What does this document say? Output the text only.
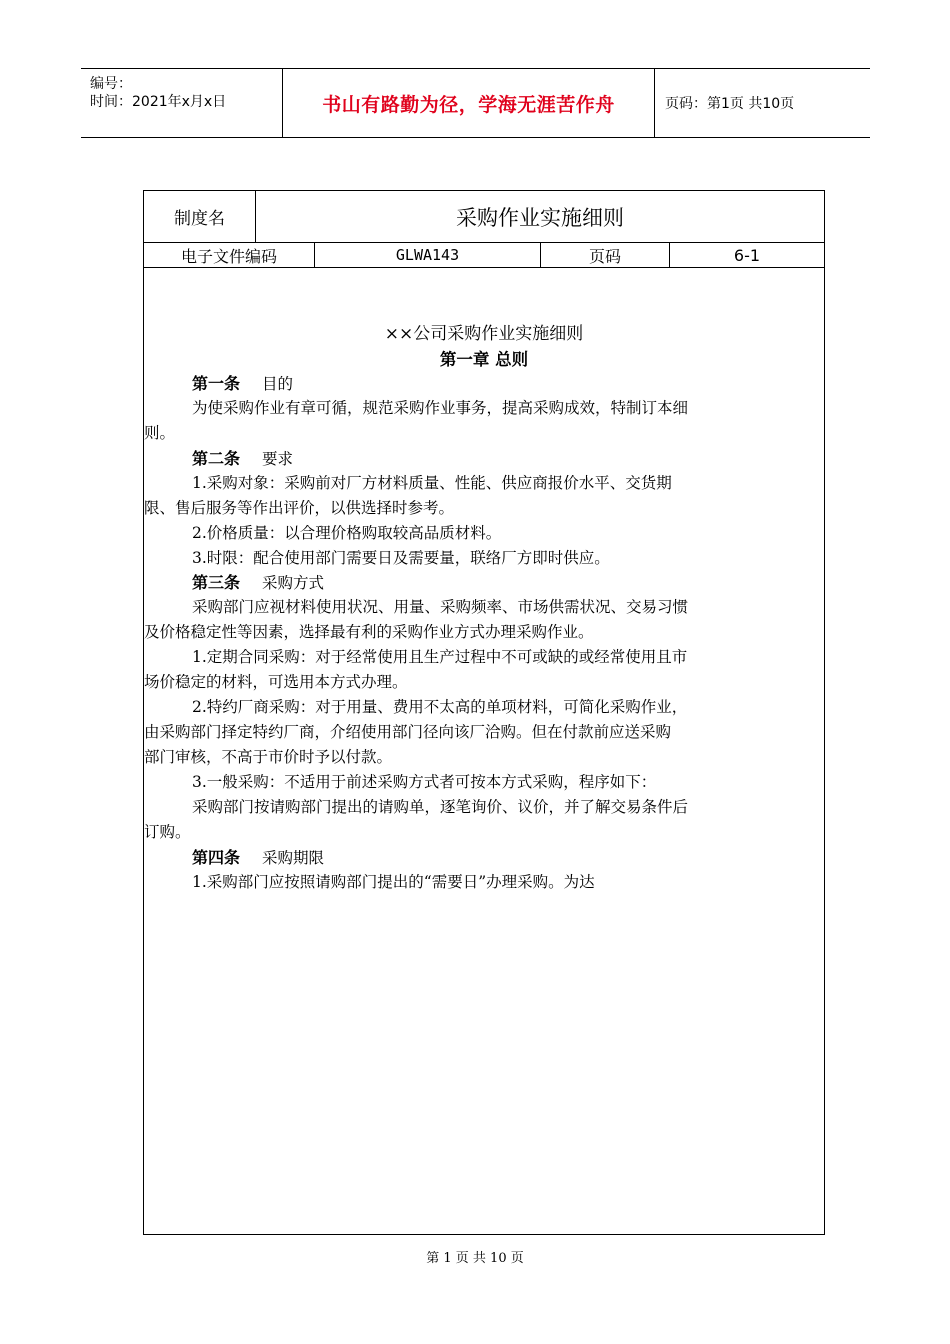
编号：
时间：2021年x月x日	书山有路勤为径，学海无涯苦作舟	页码：第1页 共10页
制度名	采购作业实施细则
电子文件编码	GLWA143	页码	6-1
××公司采购作业实施细则
第一章 总则
第一条 目的
为使采购作业有章可循，规范采购作业事务，提高采购成效，特制订本细
则。
第二条 要求
1.采购对象：采购前对厂方材料质量、性能、供应商报价水平、交货期
限、售后服务等作出评价，以供选择时参考。
2.价格质量：以合理价格购取较高品质材料。
3.时限：配合使用部门需要日及需要量，联络厂方即时供应。
第三条 采购方式
采购部门应视材料使用状况、用量、采购频率、市场供需状况、交易习惯
及价格稳定性等因素，选择最有利的采购作业方式办理采购作业。
1.定期合同采购：对于经常使用且生产过程中不可或缺的或经常使用且市
场价稳定的材料，可选用本方式办理。
2.特约厂商采购：对于用量、费用不太高的单项材料，可简化采购作业，
由采购部门择定特约厂商，介绍使用部门径向该厂洽购。但在付款前应送采购
部门审核，不高于市价时予以付款。
3.一般采购：不适用于前述采购方式者可按本方式采购，程序如下：
采购部门按请购部门提出的请购单，逐笔询价、议价，并了解交易条件后
订购。
第四条 采购期限
1.采购部门应按照请购部门提出的“需要日”办理采购。为达
第 1 页 共 10 页
